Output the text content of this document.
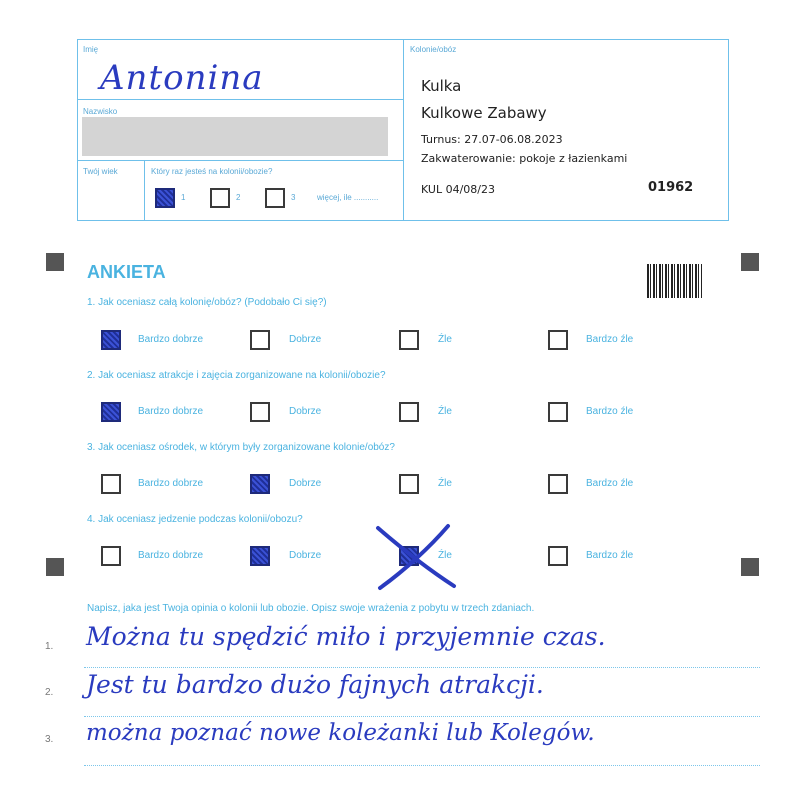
Imię
Antonina
Nazwisko
Twój wiek	Który raz jesteś na kolonii/obozie?
1	2	3	więcej, ile ...........
Kolonie/obóz
Kulka
Kulkowe Zabawy
Turnus: 27.07-06.08.2023
Zakwaterowanie: pokoje z łazienkami
KUL 04/08/23	01962
ANKIETA
1. Jak oceniasz całą kolonię/obóz? (Podobało Ci się?)
Bardzo dobrze	Dobrze	Źle	Bardzo źle
2. Jak oceniasz atrakcje i zajęcia zorganizowane na kolonii/obozie?
Bardzo dobrze	Dobrze	Źle	Bardzo źle
3. Jak oceniasz ośrodek, w którym były zorganizowane kolonie/obóz?
Bardzo dobrze	Dobrze	Źle	Bardzo źle
4. Jak oceniasz jedzenie podczas kolonii/obozu?
Bardzo dobrze	Dobrze	Źle	Bardzo źle
Napisz, jaka jest Twoja opinia o kolonii lub obozie. Opisz swoje wrażenia z pobytu w trzech zdaniach.
1. Można tu spędzić miło i przyjemnie czas.
2. Jest tu bardzo dużo fajnych atrakcji.
3. można poznać nowe koleżanki lub Kolegów.
